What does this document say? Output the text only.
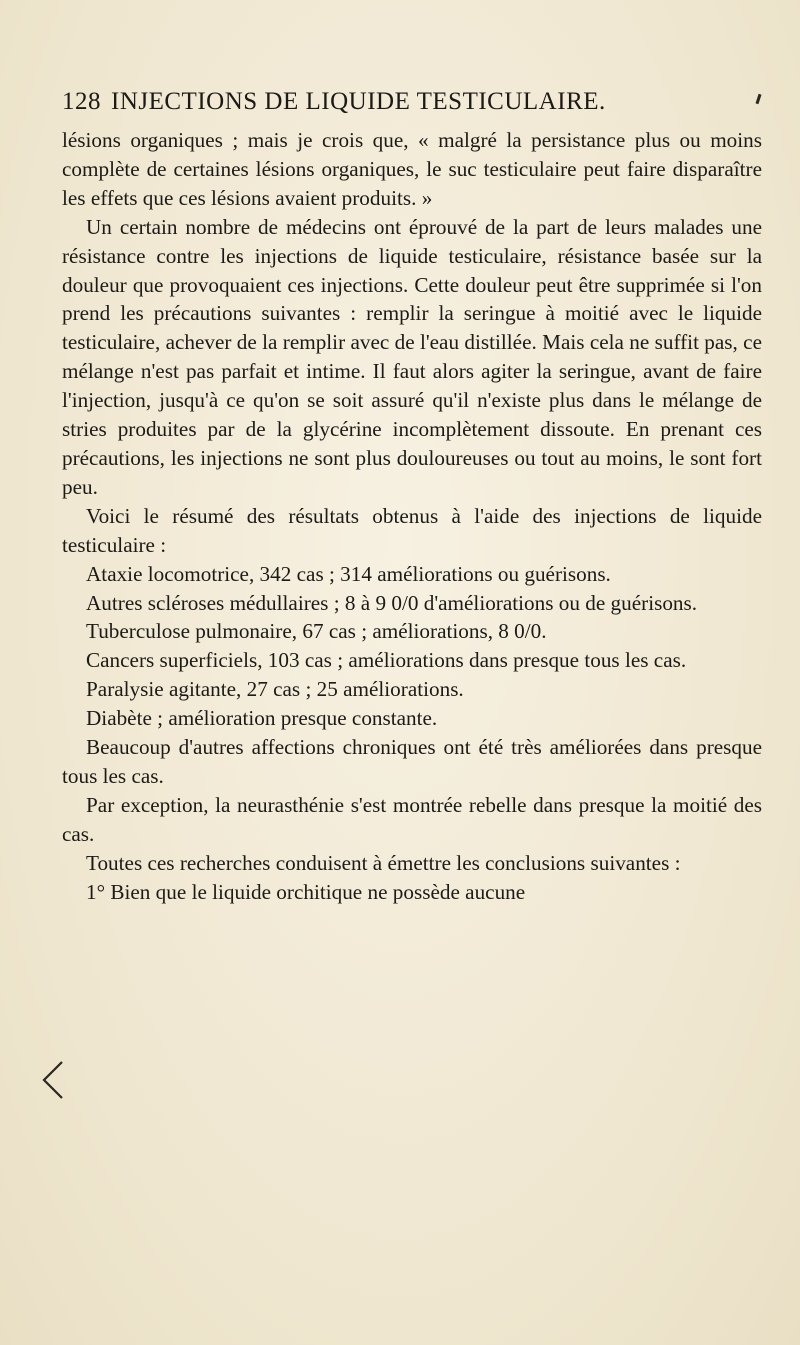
128 INJECTIONS DE LIQUIDE TESTICULAIRE.

lésions organiques ; mais je crois que, « malgré la persistance plus ou moins complète de certaines lésions organiques, le suc testiculaire peut faire disparaître les effets que ces lésions avaient produits. »

Un certain nombre de médecins ont éprouvé de la part de leurs malades une résistance contre les injections de liquide testiculaire, résistance basée sur la douleur que provoquaient ces injections. Cette douleur peut être supprimée si l'on prend les précautions suivantes : remplir la seringue à moitié avec le liquide testiculaire, achever de la remplir avec de l'eau distillée. Mais cela ne suffit pas, ce mélange n'est pas parfait et intime. Il faut alors agiter la seringue, avant de faire l'injection, jusqu'à ce qu'on se soit assuré qu'il n'existe plus dans le mélange de stries produites par de la glycérine incomplètement dissoute. En prenant ces précautions, les injections ne sont plus douloureuses ou tout au moins, le sont fort peu.

Voici le résumé des résultats obtenus à l'aide des injections de liquide testiculaire :

Ataxie locomotrice, 342 cas ; 314 améliorations ou guérisons.

Autres scléroses médullaires ; 8 à 9 0/0 d'améliorations ou de guérisons.

Tuberculose pulmonaire, 67 cas ; améliorations, 8 0/0.

Cancers superficiels, 103 cas ; améliorations dans presque tous les cas.

Paralysie agitante, 27 cas ; 25 améliorations.

Diabète ; amélioration presque constante.

Beaucoup d'autres affections chroniques ont été très améliorées dans presque tous les cas.

Par exception, la neurasthénie s'est montrée rebelle dans presque la moitié des cas.

Toutes ces recherches conduisent à émettre les conclusions suivantes :

1° Bien que le liquide orchitique ne possède aucune
